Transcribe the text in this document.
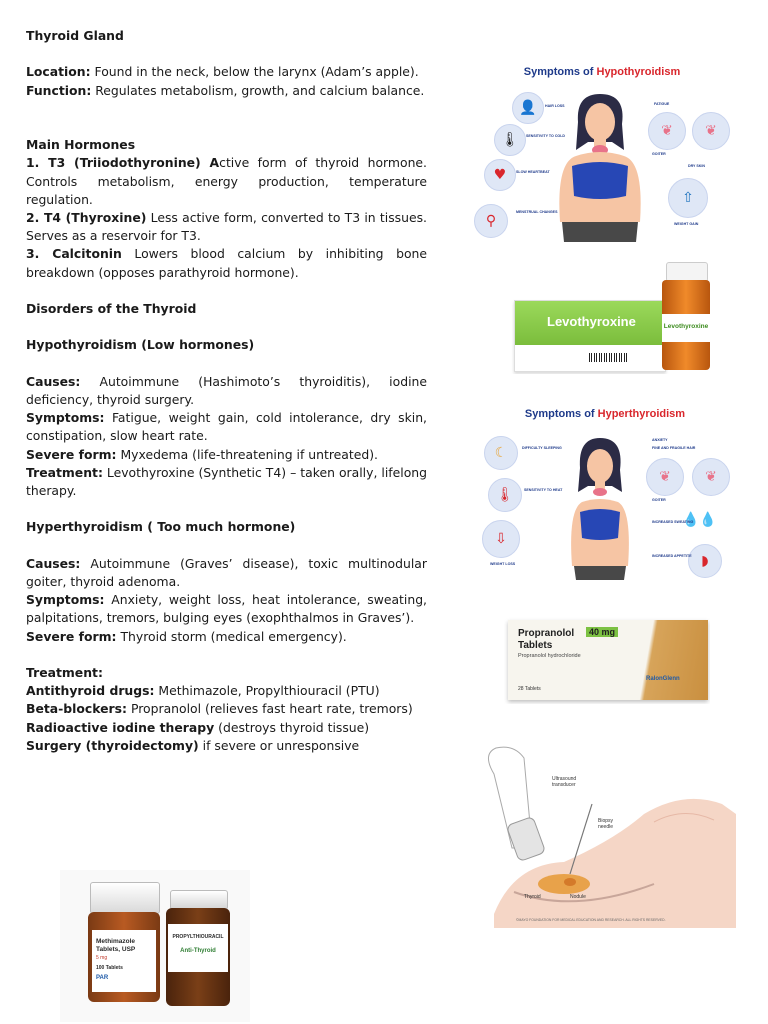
Thyroid Gland

Location: Found in the neck, below the larynx (Adam’s apple).

Function: Regulates metabolism, growth, and calcium balance.

Main Hormones

1. T3 (Triiodothyronine) Active form of thyroid hormone. Controls metabolism, energy production, temperature regulation.

2. T4 (Thyroxine) Less active form, converted to T3 in tissues. Serves as a reservoir for T3.

3. Calcitonin Lowers blood calcium by inhibiting bone breakdown (opposes parathyroid hormone).

Disorders of the Thyroid

Hypothyroidism (Low hormones)

Causes: Autoimmune (Hashimoto’s thyroiditis), iodine deficiency, thyroid surgery.

Symptoms: Fatigue, weight gain, cold intolerance, dry skin, constipation, slow heart rate.

Severe form: Myxedema (life-threatening if untreated).

Treatment: Levothyroxine (Synthetic T4) – taken orally, lifelong therapy.

Hyperthyroidism ( Too much hormone)

Causes: Autoimmune (Graves’ disease), toxic multinodular goiter, thyroid adenoma.

Symptoms: Anxiety, weight loss, heat intolerance, sweating, palpitations, tremors, bulging eyes (exophthalmos in Graves’).

Severe form: Thyroid storm (medical emergency).

Treatment:

Antithyroid drugs: Methimazole, Propylthiouracil (PTU)

Beta-blockers: Propranolol (relieves fast heart rate, tremors)

Radioactive iodine therapy (destroys thyroid tissue)

Surgery (thyroidectomy) if severe or unresponsive

Symptoms of Hypothyroidism
👤
🌡
♥
⚲
HAIR LOSS
SENSITIVITY TO COLD
SLOW HEARTBEAT
MENSTRUAL CHANGES
❦ ❦
⇧
FATIGUE
GOITER
DRY SKIN
WEIGHT GAIN
Levothyroxine	Levothyroxine
Symptoms of Hyperthyroidism
☾
🌡
⇩
DIFFICULTY SLEEPING
SENSITIVITY TO HEAT
WEIGHT LOSS
❦ ❦
💧💧
◗
ANXIETY
FINE AND FRAGILE HAIR
GOITER
INCREASED SWEATING
INCREASED APPETITE
Propranolol	40 mg
Tablets
Propranolol hydrochloride
28 Tablets
RalonGlenn
Ultrasound transducer
Biopsy needle
Thyroid	Nodule
©MAYO FOUNDATION FOR MEDICAL EDUCATION AND RESEARCH. ALL RIGHTS RESERVED.
Methimazole Tablets, USP
5 mg
100 Tablets
PAR
PROPYLTHIOURACIL
Anti-Thyroid
